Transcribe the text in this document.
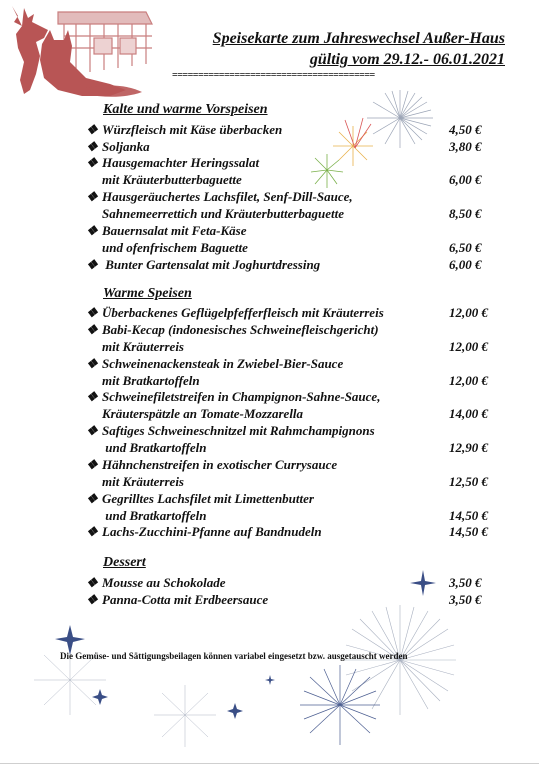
Speisekarte zum Jahreswechsel Außer-Haus
gültig vom 29.12.- 06.01.2021
=======================================
Kalte und warme Vorspeisen
❖ Würzfleisch mit Käse überbacken	4,50 €
❖ Soljanka	3,80 €
❖ Hausgemachter Heringssalat
mit Kräuterbutterbaguette	6,00 €
❖ Hausgeräuchertes Lachsfilet, Senf-Dill-Sauce,
Sahnemeerrettich und Kräuterbutterbaguette	8,50 €
❖ Bauernsalat mit Feta-Käse
und ofenfrischem Baguette	6,50 €
❖ Bunter Gartensalat mit Joghurtdressing	6,00 €
Warme Speisen
❖ Überbackenes Geflügelpfefferfleisch mit Kräuterreis	12,00 €
❖ Babi-Kecap (indonesisches Schweinefleischgericht)
mit Kräuterreis	12,00 €
❖ Schweinenackensteak in Zwiebel-Bier-Sauce
mit Bratkartoffeln	12,00 €
❖ Schweinefiletstreifen in Champignon-Sahne-Sauce,
Kräuterspätzle an Tomate-Mozzarella	14,00 €
❖ Saftiges Schweineschnitzel mit Rahmchampignons
und Bratkartoffeln	12,90 €
❖ Hähnchenstreifen in exotischer Currysauce
mit Kräuterreis	12,50 €
❖ Gegrilltes Lachsfilet mit Limettenbutter
und Bratkartoffeln	14,50 €
❖ Lachs-Zucchini-Pfanne auf Bandnudeln	14,50 €
Dessert
❖ Mousse au Schokolade	3,50 €
❖ Panna-Cotta mit Erdbeersauce	3,50 €
Die Gemüse- und Sättigungsbeilagen können variabel eingesetzt bzw. ausgetauscht werden
